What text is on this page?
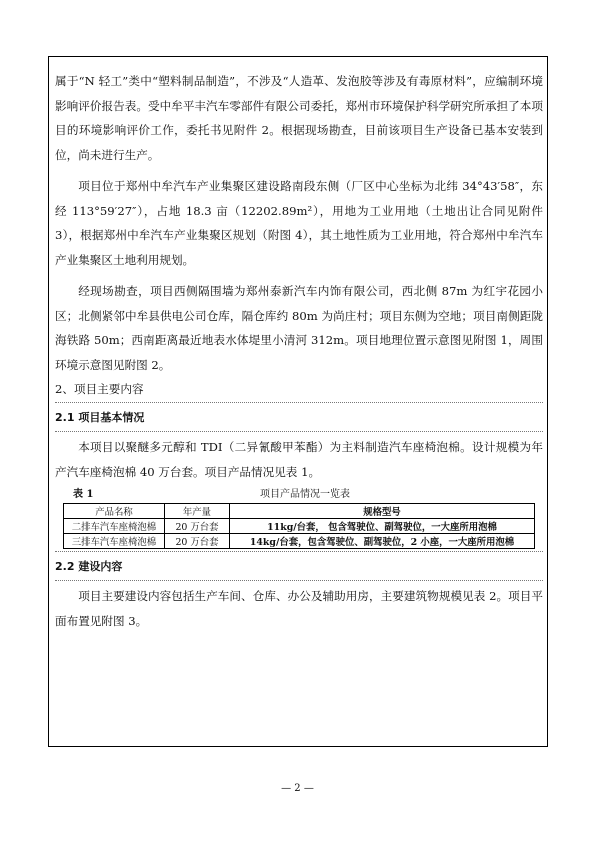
属于“N 轻工”类中“塑料制品制造”，不涉及“人造革、发泡胶等涉及有毒原材料”，应编制环境影响评价报告表。受中牟平丰汽车零部件有限公司委托，郑州市环境保护科学研究所承担了本项目的环境影响评价工作，委托书见附件 2。根据现场勘查，目前该项目生产设备已基本安装到位，尚未进行生产。

项目位于郑州中牟汽车产业集聚区建设路南段东侧（厂区中心坐标为北纬 34°43′58″，东经 113°59′27″），占地 18.3 亩（12202.89m²），用地为工业用地（土地出让合同见附件 3），根据郑州中牟汽车产业集聚区规划（附图 4），其土地性质为工业用地，符合郑州中牟汽车产业集聚区土地利用规划。

经现场勘查，项目西侧隔围墙为郑州泰新汽车内饰有限公司，西北侧 87m 为红宇花园小区；北侧紧邻中牟县供电公司仓库，隔仓库约 80m 为尚庄村；项目东侧为空地；项目南侧距陇海铁路 50m；西南距离最近地表水体堤里小清河 312m。项目地理位置示意图见附图 1，周围环境示意图见附图 2。

2、项目主要内容

2.1 项目基本情况

本项目以聚醚多元醇和 TDI（二异氰酸甲苯酯）为主料制造汽车座椅泡棉。设计规模为年产汽车座椅泡棉 40 万台套。项目产品情况见表 1。

表 1	项目产品情况一览表
产品名称	年产量	规格型号
二排车汽车座椅泡棉	20 万台套	11kg/台套， 包含驾驶位、副驾驶位，一大座所用泡棉
三排车汽车座椅泡棉	20 万台套	14kg/台套，包含驾驶位、副驾驶位，2 小座，一大座所用泡棉

2.2 建设内容

项目主要建设内容包括生产车间、仓库、办公及辅助用房，主要建筑物规模见表 2。项目平面布置见附图 3。

— 2 —
